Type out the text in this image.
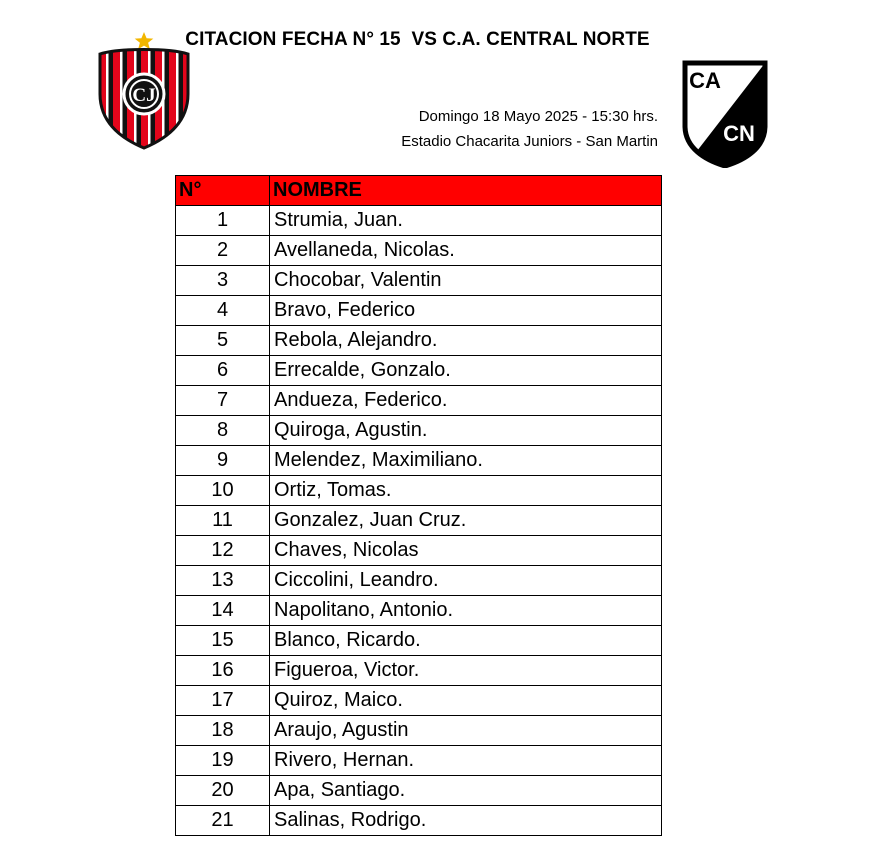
CJ
CITACION FECHA N° 15  VS C.A. CENTRAL NORTE
Domingo 18 Mayo 2025 - 15:30 hrs.
Estadio Chacarita Juniors - San Martin
CA
CN
N°	NOMBRE
1	Strumia, Juan.
2	Avellaneda, Nicolas.
3	Chocobar, Valentin
4	Bravo, Federico
5	Rebola, Alejandro.
6	Errecalde, Gonzalo.
7	Andueza, Federico.
8	Quiroga, Agustin.
9	Melendez, Maximiliano.
10	Ortiz, Tomas.
11	Gonzalez, Juan Cruz.
12	Chaves, Nicolas
13	Ciccolini, Leandro.
14	Napolitano, Antonio.
15	Blanco, Ricardo.
16	Figueroa, Victor.
17	Quiroz, Maico.
18	Araujo, Agustin
19	Rivero, Hernan.
20	Apa, Santiago.
21	Salinas, Rodrigo.
